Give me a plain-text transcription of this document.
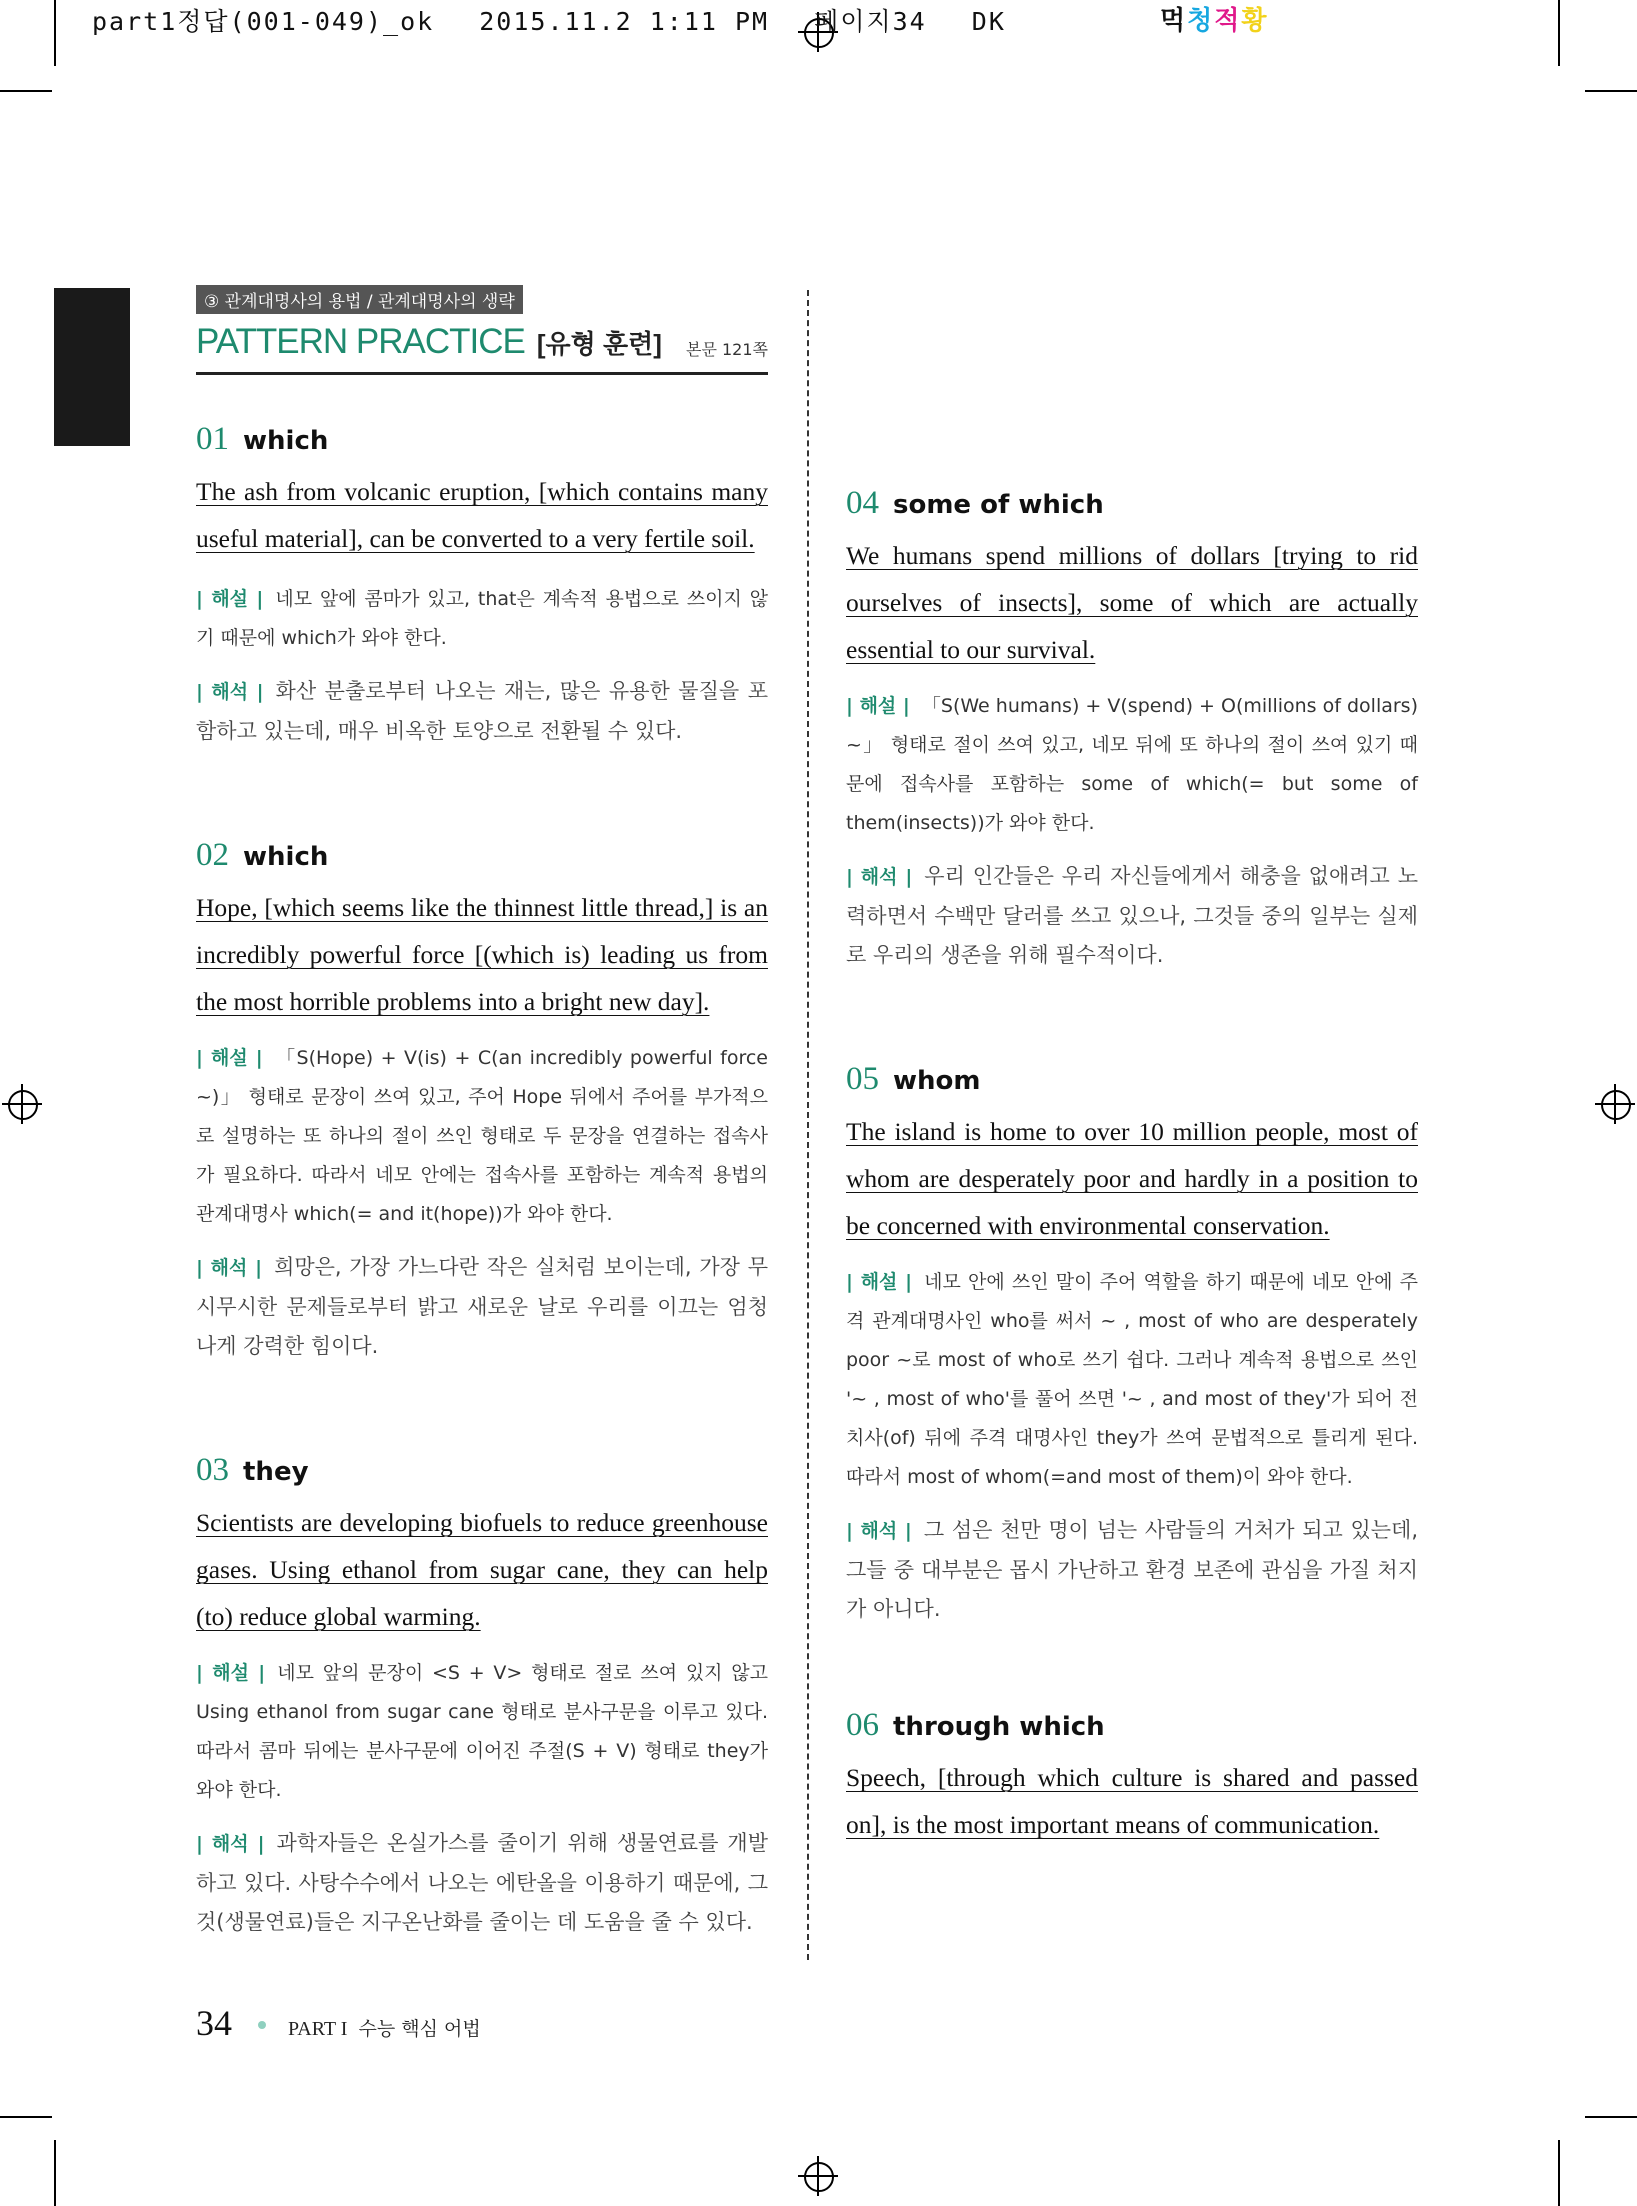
part1정답(001-049)_ok 2015.11.2 1:11 PM 페이지34 DK	먹청적황
③ 관계대명사의 용법 / 관계대명사의 생략
PATTERN PRACTICE [유형 훈련]	본문 121쪽
01 which
The ash from volcanic eruption, [which contains many useful material], can be converted to a very fertile soil.
| 해설 | 네모 앞에 콤마가 있고, that은 계속적 용법으로 쓰이지 않기 때문에 which가 와야 한다.
| 해석 | 화산 분출로부터 나오는 재는, 많은 유용한 물질을 포함하고 있는데, 매우 비옥한 토양으로 전환될 수 있다.
02 which
Hope, [which seems like the thinnest little thread,] is an incredibly powerful force [(which is) leading us from the most horrible problems into a bright new day].
| 해설 | 「S(Hope) + V(is) + C(an incredibly powerful force ~)」 형태로 문장이 쓰여 있고, 주어 Hope 뒤에서 주어를 부가적으로 설명하는 또 하나의 절이 쓰인 형태로 두 문장을 연결하는 접속사가 필요하다. 따라서 네모 안에는 접속사를 포함하는 계속적 용법의 관계대명사 which(= and it(hope))가 와야 한다.
| 해석 | 희망은, 가장 가느다란 작은 실처럼 보이는데, 가장 무시무시한 문제들로부터 밝고 새로운 날로 우리를 이끄는 엄청나게 강력한 힘이다.
03 they
Scientists are developing biofuels to reduce greenhouse gases. Using ethanol from sugar cane, they can help (to) reduce global warming.
| 해설 | 네모 앞의 문장이 <S + V> 형태로 절로 쓰여 있지 않고 Using ethanol from sugar cane 형태로 분사구문을 이루고 있다. 따라서 콤마 뒤에는 분사구문에 이어진 주절(S + V) 형태로 they가 와야 한다.
| 해석 | 과학자들은 온실가스를 줄이기 위해 생물연료를 개발하고 있다. 사탕수수에서 나오는 에탄올을 이용하기 때문에, 그것(생물연료)들은 지구온난화를 줄이는 데 도움을 줄 수 있다.
04 some of which
We humans spend millions of dollars [trying to rid ourselves of insects], some of which are actually essential to our survival.
| 해설 | 「S(We humans) + V(spend) + O(millions of dollars) ~」 형태로 절이 쓰여 있고, 네모 뒤에 또 하나의 절이 쓰여 있기 때문에 접속사를 포함하는 some of which(= but some of them(insects))가 와야 한다.
| 해석 | 우리 인간들은 우리 자신들에게서 해충을 없애려고 노력하면서 수백만 달러를 쓰고 있으나, 그것들 중의 일부는 실제로 우리의 생존을 위해 필수적이다.
05 whom
The island is home to over 10 million people, most of whom are desperately poor and hardly in a position to be concerned with environmental conservation.
| 해설 | 네모 안에 쓰인 말이 주어 역할을 하기 때문에 네모 안에 주격 관계대명사인 who를 써서 ~ , most of who are desperately poor ~로 most of who로 쓰기 쉽다. 그러나 계속적 용법으로 쓰인 '~ , most of who'를 풀어 쓰면 '~ , and most of they'가 되어 전치사(of) 뒤에 주격 대명사인 they가 쓰여 문법적으로 틀리게 된다. 따라서 most of whom(=and most of them)이 와야 한다.
| 해석 | 그 섬은 천만 명이 넘는 사람들의 거처가 되고 있는데, 그들 중 대부분은 몹시 가난하고 환경 보존에 관심을 가질 처지가 아니다.
06 through which
Speech, [through which culture is shared and passed on], is the most important means of communication.
34	PART I 수능 핵심 어법
